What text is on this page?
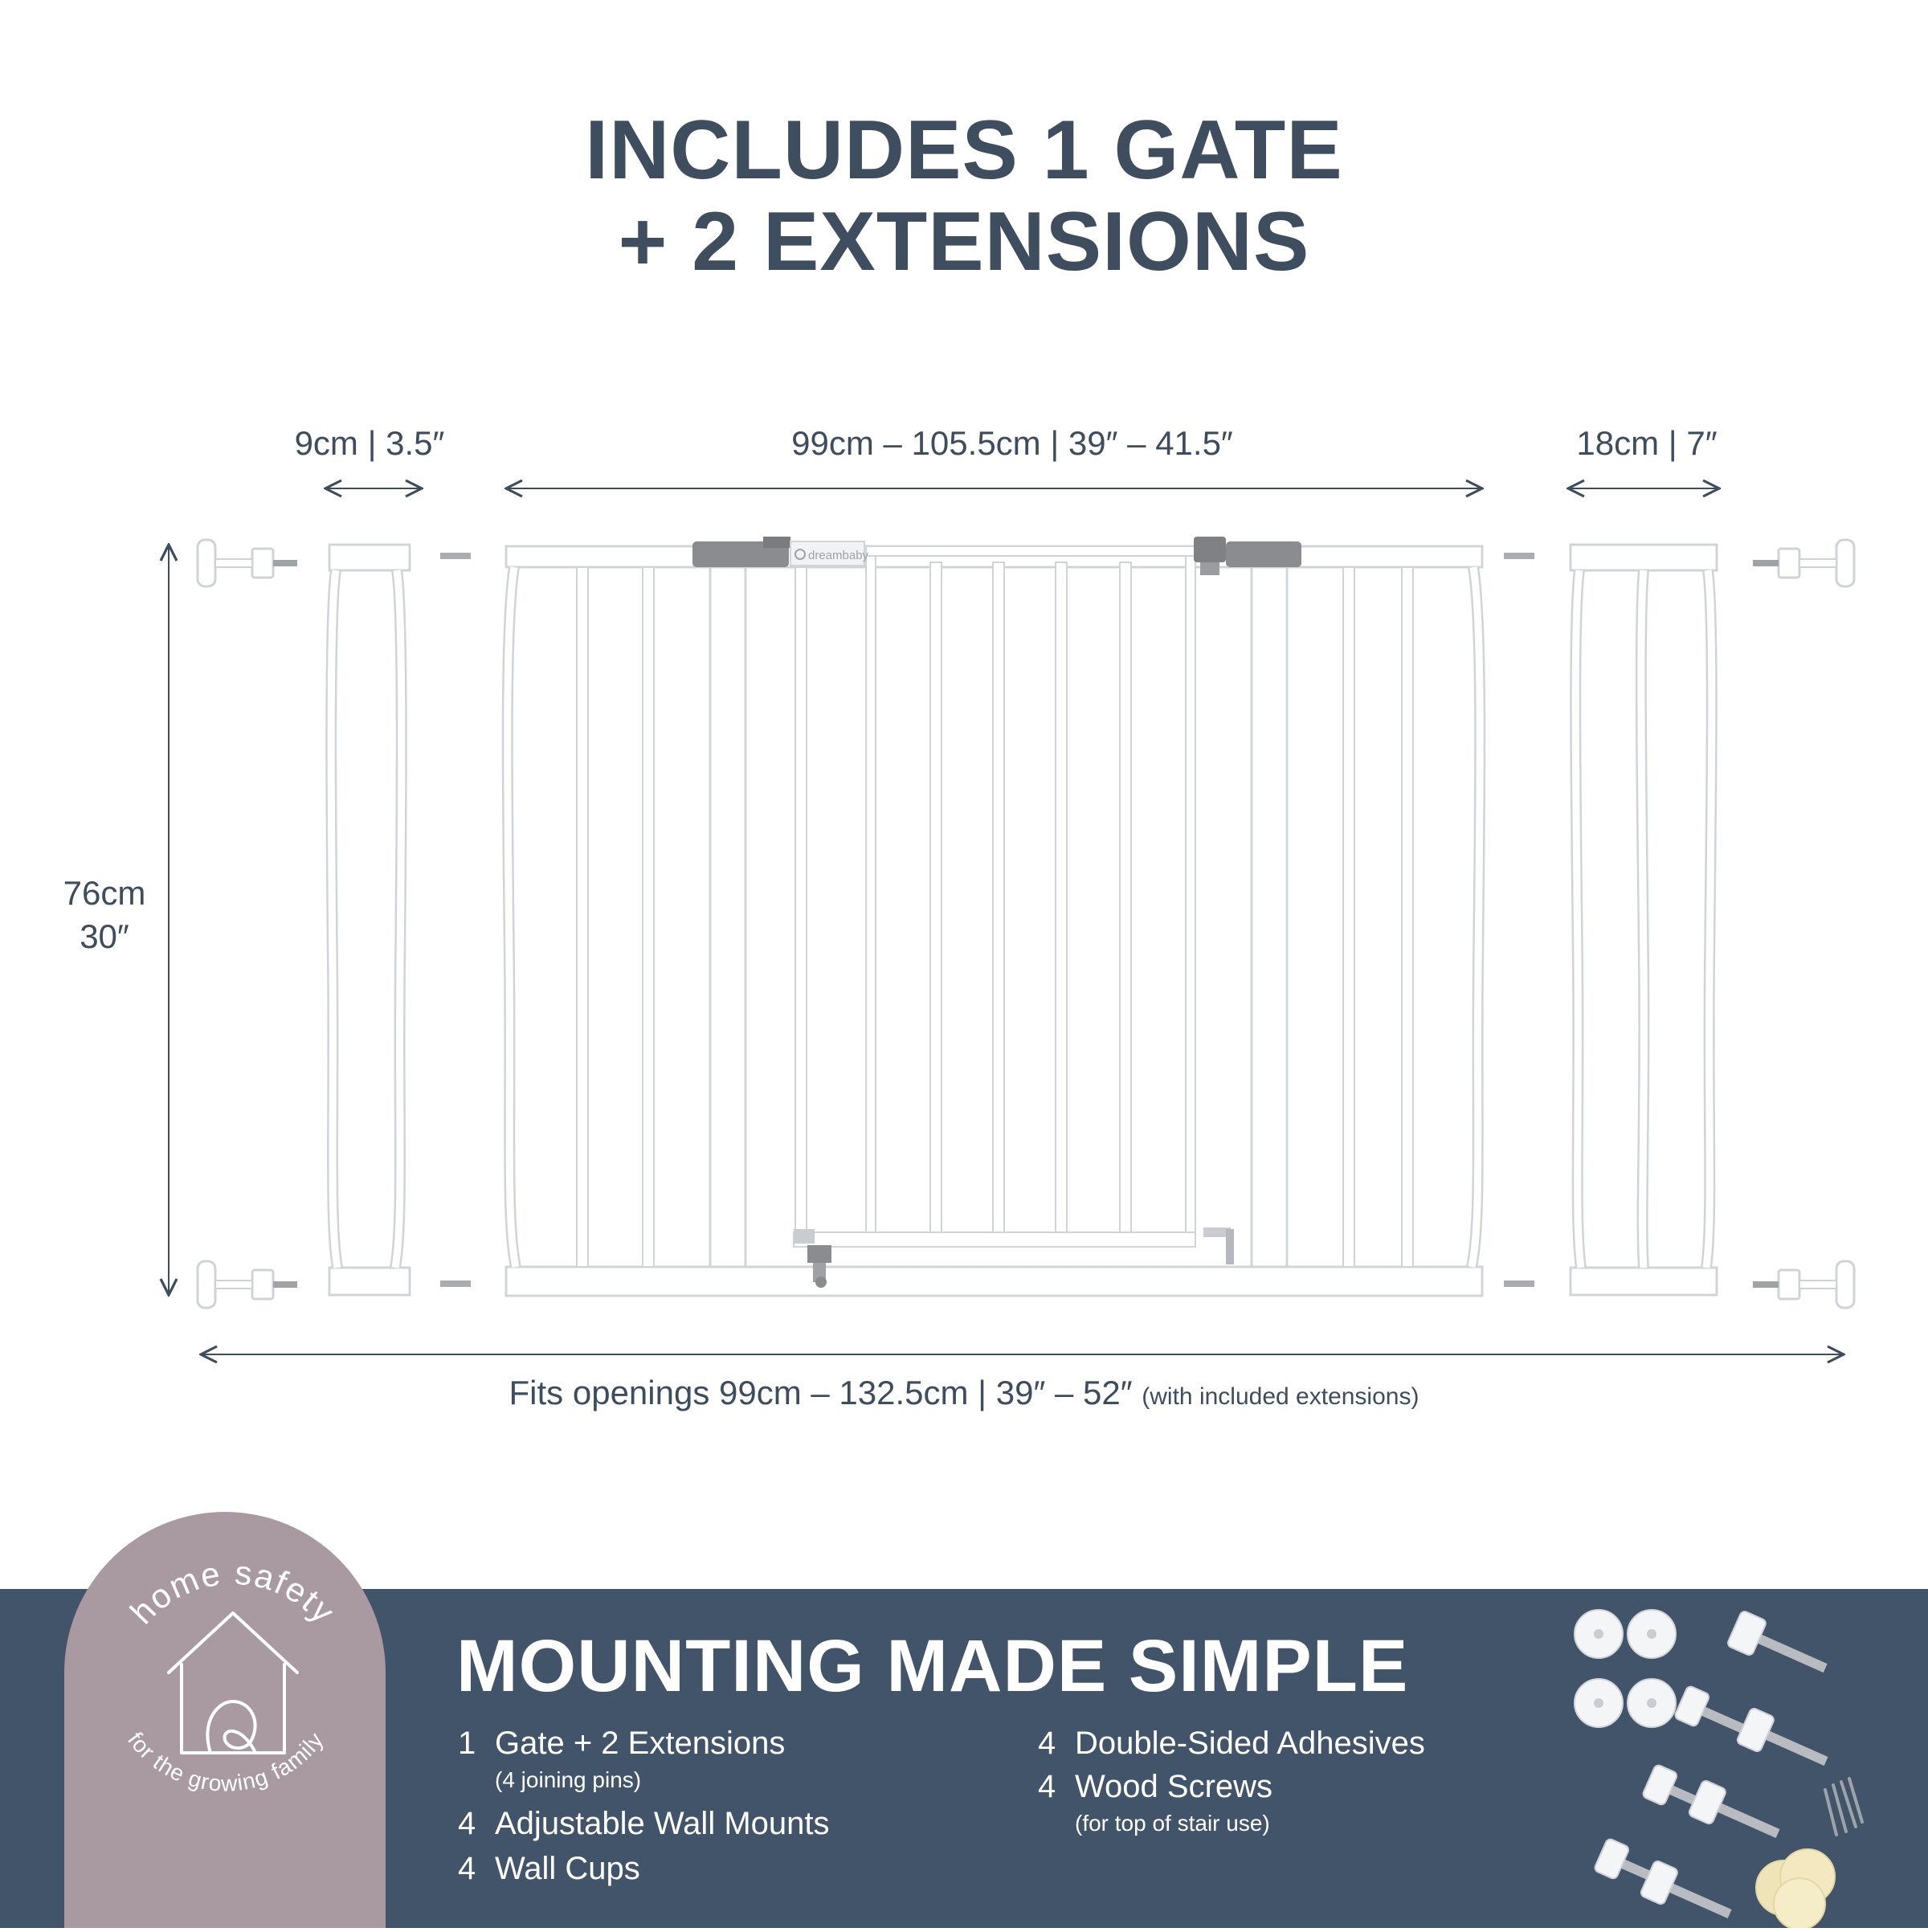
INCLUDES 1 GATE
+ 2 EXTENSIONS
9cm | 3.5″	99cm – 105.5cm | 39″ – 41.5″	18cm | 7″
76cm
30″
Fits openings 99cm – 132.5cm | 39″ – 52″ (with included extensions)
dreambaby
home safety
for the growing family
MOUNTING MADE SIMPLE
1 Gate + 2 Extensions
(4 joining pins)
4 Adjustable Wall Mounts
4 Wall Cups
4 Double-Sided Adhesives
4 Wood Screws
(for top of stair use)
